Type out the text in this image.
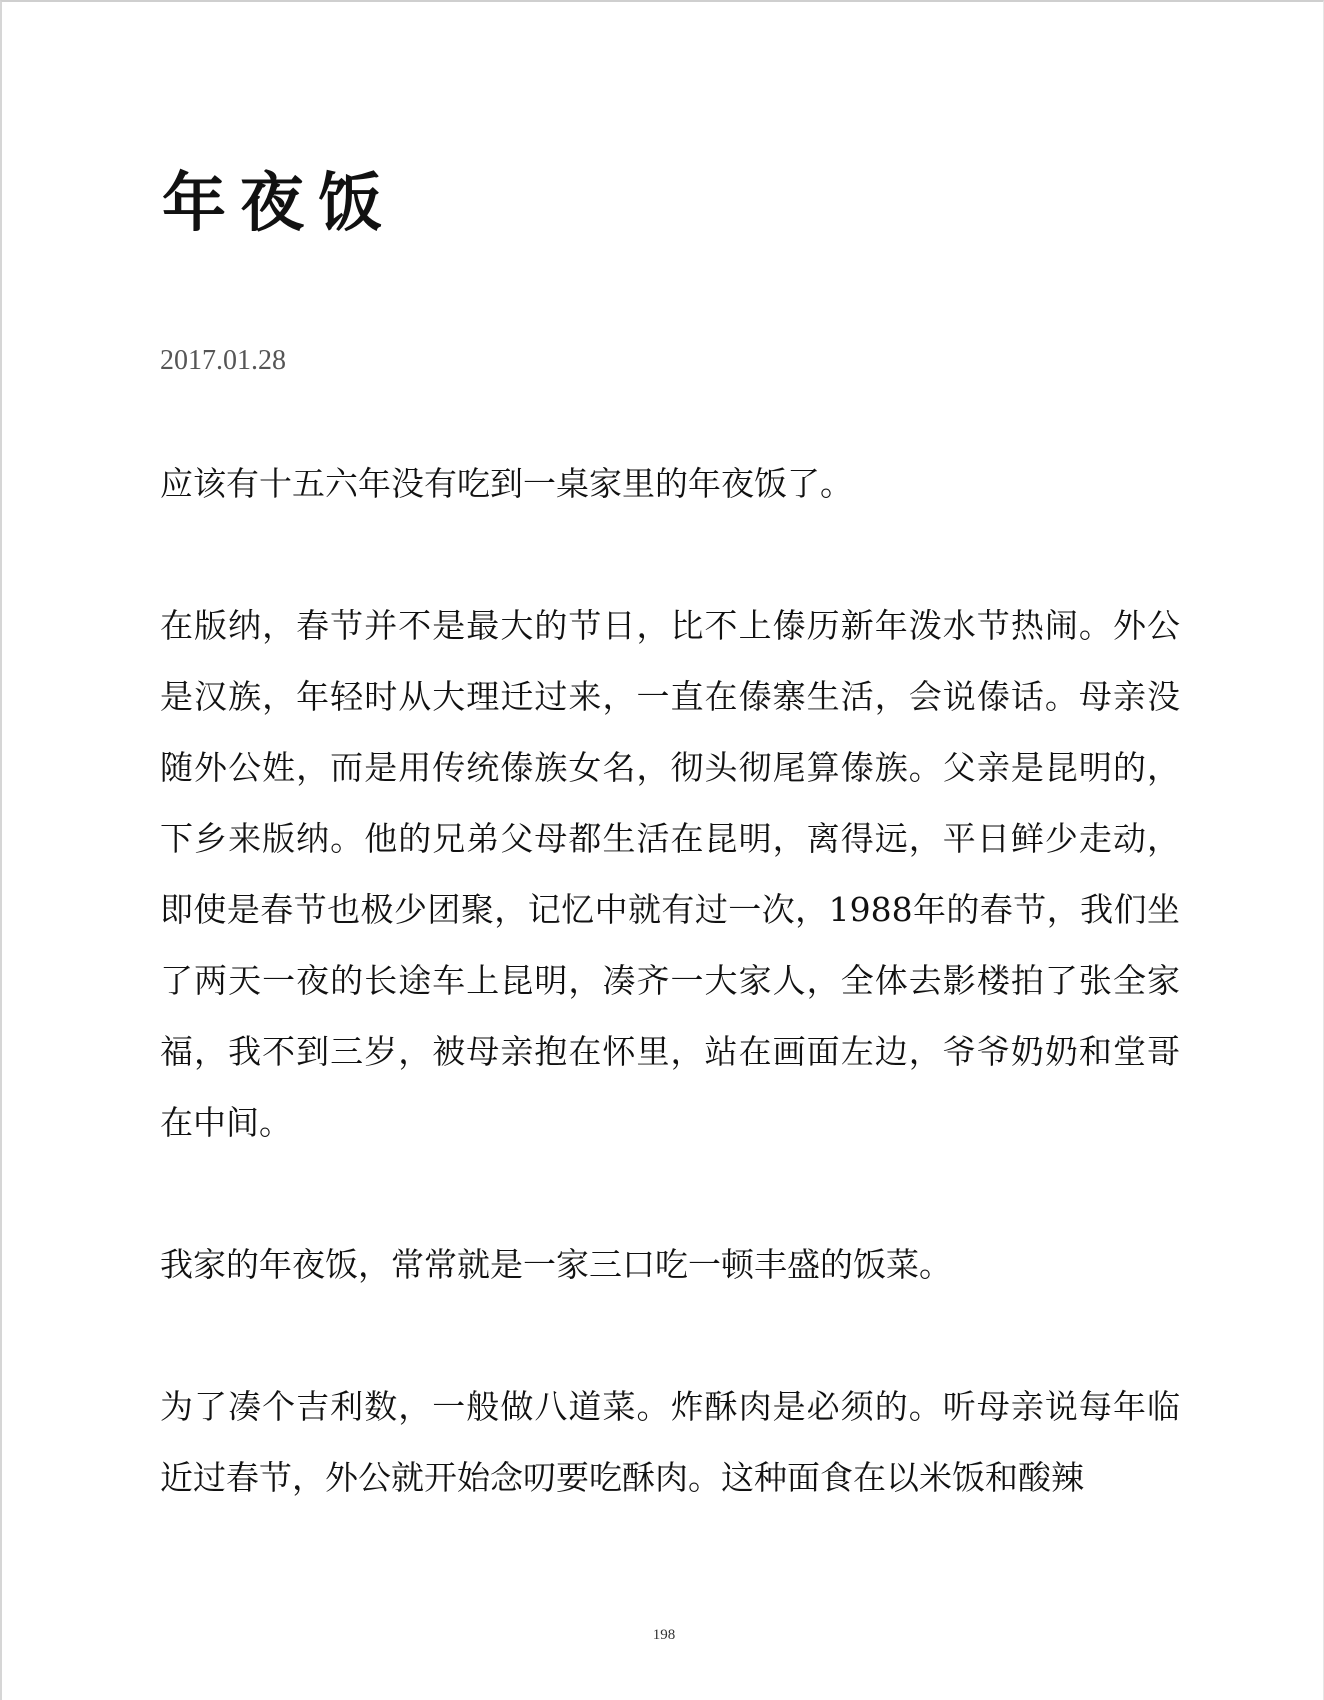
年夜饭
2017.01.28

应该有十五六年没有吃到一桌家里的年夜饭了。

在版纳，春节并不是最大的节日，比不上傣历新年泼水节热闹。外公是汉族，年轻时从大理迁过来，一直在傣寨生活，会说傣话。母亲没随外公姓，而是用传统傣族女名，彻头彻尾算傣族。父亲是昆明的，下乡来版纳。他的兄弟父母都生活在昆明，离得远，平日鲜少走动，即使是春节也极少团聚，记忆中就有过一次，1988年的春节，我们坐了两天一夜的长途车上昆明，凑齐一大家人，全体去影楼拍了张全家福，我不到三岁，被母亲抱在怀里，站在画面左边，爷爷奶奶和堂哥在中间。

我家的年夜饭，常常就是一家三口吃一顿丰盛的饭菜。

为了凑个吉利数，一般做八道菜。炸酥肉是必须的。听母亲说每年临近过春节，外公就开始念叨要吃酥肉。这种面食在以米饭和酸辣

198
